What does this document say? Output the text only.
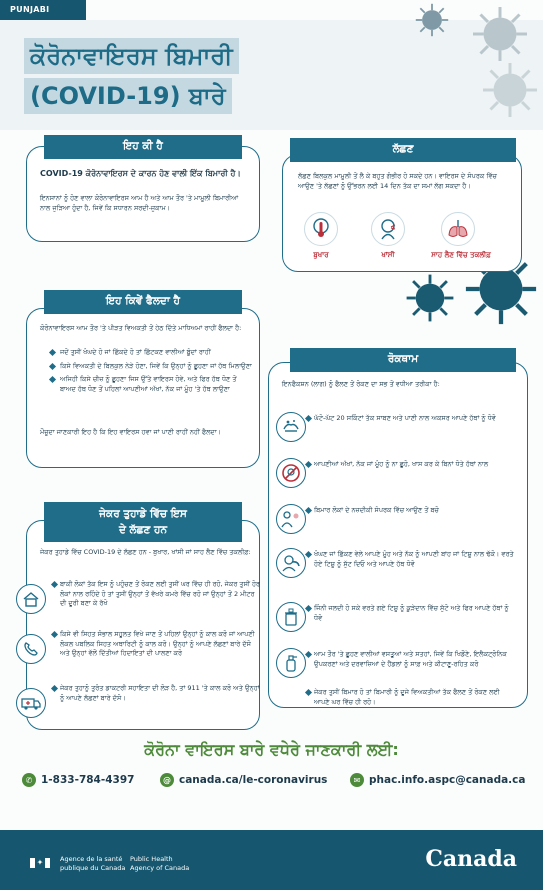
PUNJABI
ਕੋਰੋਨਾਵਾਇਰਸ ਬਿਮਾਰੀ
(COVID-19) ਬਾਰੇ
ਇਹ ਕੀ ਹੈ
COVID-19 ਕੋਰੋਨਾਵਾਇਰਸ ਦੇ ਕਾਰਨ ਹੋਣ ਵਾਲੀ ਇੱਕ ਬਿਮਾਰੀ ਹੈ।
ਇਨਸਾਨਾਂ ਨੂੰ ਹੋਣ ਵਾਲਾ ਕੋਰੋਨਾਵਾਇਰਸ ਆਮ ਹੈ ਅਤੇ ਆਮ ਤੌਰ 'ਤੇ ਮਾਮੂਲੀ ਬਿਮਾਰੀਆਂ ਨਾਲ ਜੁੜਿਆ ਹੁੰਦਾ ਹੈ, ਜਿਵੇਂ ਕਿ ਸਧਾਰਨ ਸਰਦੀ-ਜ਼ੁਕਾਮ।
ਲੱਛਣ
ਲੱਛਣ ਬਿਲਕੁਲ ਮਾਮੂਲੀ ਤੋਂ ਲੈ ਕੇ ਬਹੁਤ ਗੰਭੀਰ ਹੋ ਸਕਦੇ ਹਨ। ਵਾਇਰਸ ਦੇ ਸੰਪਰਕ ਵਿੱਚ ਆਉਣ 'ਤੇ ਲੱਛਣਾਂ ਨੂੰ ਉੱਭਰਨ ਲਈ 14 ਦਿਨ ਤੱਕ ਦਾ ਸਮਾਂ ਲੱਗ ਸਕਦਾ ਹੈ।
ਬੁਖਾਰ	ਖਾਂਸੀ	ਸਾਹ ਲੈਣ ਵਿੱਚ ਤਕਲੀਫ਼
ਇਹ ਕਿਵੇਂ ਫੈਲਦਾ ਹੈ
ਕੋਰੋਨਾਵਾਇਰਸ ਆਮ ਤੌਰ 'ਤੇ ਪੀੜਤ ਵਿਅਕਤੀ ਤੋਂ ਹੇਠ ਦਿੱਤੇ ਮਾਧਿਅਮਾਂ ਰਾਹੀਂ ਫੈਲਦਾ ਹੈ:
ਜਦੋਂ ਤੁਸੀਂ ਖੰਘਦੇ ਹੋ ਜਾਂ ਛਿੱਕਦੇ ਹੋ ਤਾਂ ਛਿੱਟਕਣ ਵਾਲੀਆਂ ਬੂੰਦਾਂ ਰਾਹੀਂ
ਕਿਸੇ ਵਿਅਕਤੀ ਦੇ ਬਿਲਕੁਲ ਨੇੜੇ ਹੋਣਾ, ਜਿਵੇਂ ਕਿ ਉਨ੍ਹਾਂ ਨੂੰ ਛੂਹਣਾ ਜਾਂ ਹੱਥ ਮਿਲਾਉਣਾ
ਅਜਿਹੀ ਕਿਸੇ ਚੀਜ਼ ਨੂੰ ਛੂਹਣਾ ਜਿਸ ਉੱਤੇ ਵਾਇਰਸ ਹੋਵੇ, ਅਤੇ ਫਿਰ ਹੱਥ ਧੋਣ ਤੋਂ ਬਾਅਦ ਹੱਥ ਧੋਣ ਤੋਂ ਪਹਿਲਾਂ ਆਪਣੀਆਂ ਅੱਖਾਂ, ਨੱਕ ਜਾਂ ਮੂੰਹ 'ਤੇ ਹੱਥ ਲਾਉਣਾ
ਮੌਜੂਦਾ ਜਾਣਕਾਰੀ ਇਹ ਹੈ ਕਿ ਇਹ ਵਾਇਰਸ ਹਵਾ ਜਾਂ ਪਾਣੀ ਰਾਹੀਂ ਨਹੀਂ ਫੈਲਦਾ।
ਰੋਕਥਾਮ
ਇਨਫੈਕਸ਼ਨ (ਲਾਗ) ਨੂੰ ਫੈਲਣ ਤੋਂ ਰੋਕਣ ਦਾ ਸਭ ਤੋਂ ਵਧੀਆ ਤਰੀਕਾ ਹੈ:
ਘੱਟੋ-ਘੱਟ 20 ਸਕਿੰਟਾਂ ਤੱਕ ਸਾਬਣ ਅਤੇ ਪਾਣੀ ਨਾਲ ਅਕਸਰ ਆਪਣੇ ਹੱਥਾਂ ਨੂੰ ਧੋਵੋ
ਆਪਣੀਆਂ ਅੱਖਾਂ, ਨੱਕ ਜਾਂ ਮੂੰਹ ਨੂੰ ਨਾ ਛੂਹੋ, ਖਾਸ ਕਰ ਕੇ ਬਿਨਾਂ ਧੋਤੇ ਹੱਥਾਂ ਨਾਲ
ਬਿਮਾਰ ਲੋਕਾਂ ਦੇ ਨਜ਼ਦੀਕੀ ਸੰਪਰਕ ਵਿੱਚ ਆਉਣ ਤੋਂ ਬਚੋ
ਖੰਘਣ ਜਾਂ ਛਿੱਕਣ ਵੇਲੇ ਆਪਣੇ ਮੂੰਹ ਅਤੇ ਨੱਕ ਨੂੰ ਆਪਣੀ ਬਾਂਹ ਜਾਂ ਟਿਸ਼ੂ ਨਾਲ ਢੱਕੋ। ਵਰਤੇ ਹੋਏ ਟਿਸ਼ੂ ਨੂੰ ਸੁੱਟ ਦਿਓ ਅਤੇ ਆਪਣੇ ਹੱਥ ਧੋਵੋ
ਜਿੰਨੀ ਜਲਦੀ ਹੋ ਸਕੇ ਵਰਤੇ ਗਏ ਟਿਸ਼ੂ ਨੂੰ ਕੂੜੇਦਾਨ ਵਿੱਚ ਸੁੱਟੋ ਅਤੇ ਫਿਰ ਆਪਣੇ ਹੱਥਾਂ ਨੂੰ ਧੋਵੋ
ਆਮ ਤੌਰ 'ਤੇ ਛੂਹਣ ਵਾਲੀਆਂ ਵਸਤੂਆਂ ਅਤੇ ਸਤਹਾਂ, ਜਿਵੇਂ ਕਿ ਖਿਡੌਣੇ, ਇਲੈਕਟ੍ਰੋਨਿਕ ਉਪਕਰਣਾਂ ਅਤੇ ਦਰਵਾਜ਼ਿਆਂ ਦੇ ਹੈਂਡਲਾਂ ਨੂੰ ਸਾਫ਼ ਅਤੇ ਕੀਟਾਣੂ-ਰਹਿਤ ਕਰੋ
ਜੇਕਰ ਤੁਸੀਂ ਬਿਮਾਰ ਹੋ ਤਾਂ ਬਿਮਾਰੀ ਨੂੰ ਦੂਜੇ ਵਿਅਕਤੀਆਂ ਤੱਕ ਫੈਲਣ ਤੋਂ ਰੋਕਣ ਲਈ ਆਪਣੇ ਘਰ ਵਿੱਚ ਹੀ ਰਹੋ।
ਜੇਕਰ ਤੁਹਾਡੇ ਵਿੱਚ ਇਸ
ਦੇ ਲੱਛਣ ਹਨ
ਜੇਕਰ ਤੁਹਾਡੇ ਵਿੱਚ COVID-19 ਦੇ ਲੱਛਣ ਹਨ - ਬੁਖਾਰ, ਖਾਂਸੀ ਜਾਂ ਸਾਹ ਲੈਣ ਵਿੱਚ ਤਕਲੀਫ਼:
ਬਾਕੀ ਲੋਕਾਂ ਤੱਕ ਇਸ ਨੂੰ ਪਹੁੰਚਣ ਤੋਂ ਰੋਕਣ ਲਈ ਤੁਸੀਂ ਘਰ ਵਿੱਚ ਹੀ ਰਹੋ, ਜੇਕਰ ਤੁਸੀਂ ਹੋਰ ਲੋਕਾਂ ਨਾਲ ਰਹਿੰਦੇ ਹੋ ਤਾਂ ਤੁਸੀਂ ਉਨ੍ਹਾਂ ਤੋਂ ਵੱਖਰੇ ਕਮਰੇ ਵਿੱਚ ਰਹੋ ਜਾਂ ਉਨ੍ਹਾਂ ਤੋਂ 2 ਮੀਟਰ ਦੀ ਦੂਰੀ ਬਣਾ ਕੇ ਰੱਖੋ
ਕਿਸੇ ਵੀ ਸਿਹਤ ਸੰਭਾਲ ਸਹੂਲਤ ਵਿਖੇ ਜਾਣ ਤੋਂ ਪਹਿਲਾਂ ਉਨ੍ਹਾਂ ਨੂੰ ਕਾਲ ਕਰੋ ਜਾਂ ਆਪਣੀ ਲੋਕਲ ਪਬਲਿਕ ਸਿਹਤ ਅਥਾਰਿਟੀ ਨੂੰ ਕਾਲ ਕਰੋ। ਉਨ੍ਹਾਂ ਨੂੰ ਆਪਣੇ ਲੱਛਣਾਂ ਬਾਰੇ ਦੱਸੋ ਅਤੇ ਉਨ੍ਹਾਂ ਵੱਲੋਂ ਦਿੱਤੀਆਂ ਹਿਦਾਇਤਾਂ ਦੀ ਪਾਲਣਾ ਕਰੋ
ਜੇਕਰ ਤੁਹਾਨੂੰ ਤੁਰੰਤ ਡਾਕਟਰੀ ਸਹਾਇਤਾ ਦੀ ਲੋੜ ਹੈ, ਤਾਂ 911 'ਤੇ ਕਾਲ ਕਰੋ ਅਤੇ ਉਨ੍ਹਾਂ ਨੂੰ ਆਪਣੇ ਲੱਛਣਾਂ ਬਾਰੇ ਦੱਸੋ।
ਕੋਰੋਨਾ ਵਾਇਰਸ ਬਾਰੇ ਵਧੇਰੇ ਜਾਣਕਾਰੀ ਲਈ:
✆ 1-833-784-4397	@ canada.ca/le-coronavirus	✉ phac.info.aspc@canada.ca
✦	Agence de la santé
publique du Canada
Public Health
Agency of Canada	Canada
